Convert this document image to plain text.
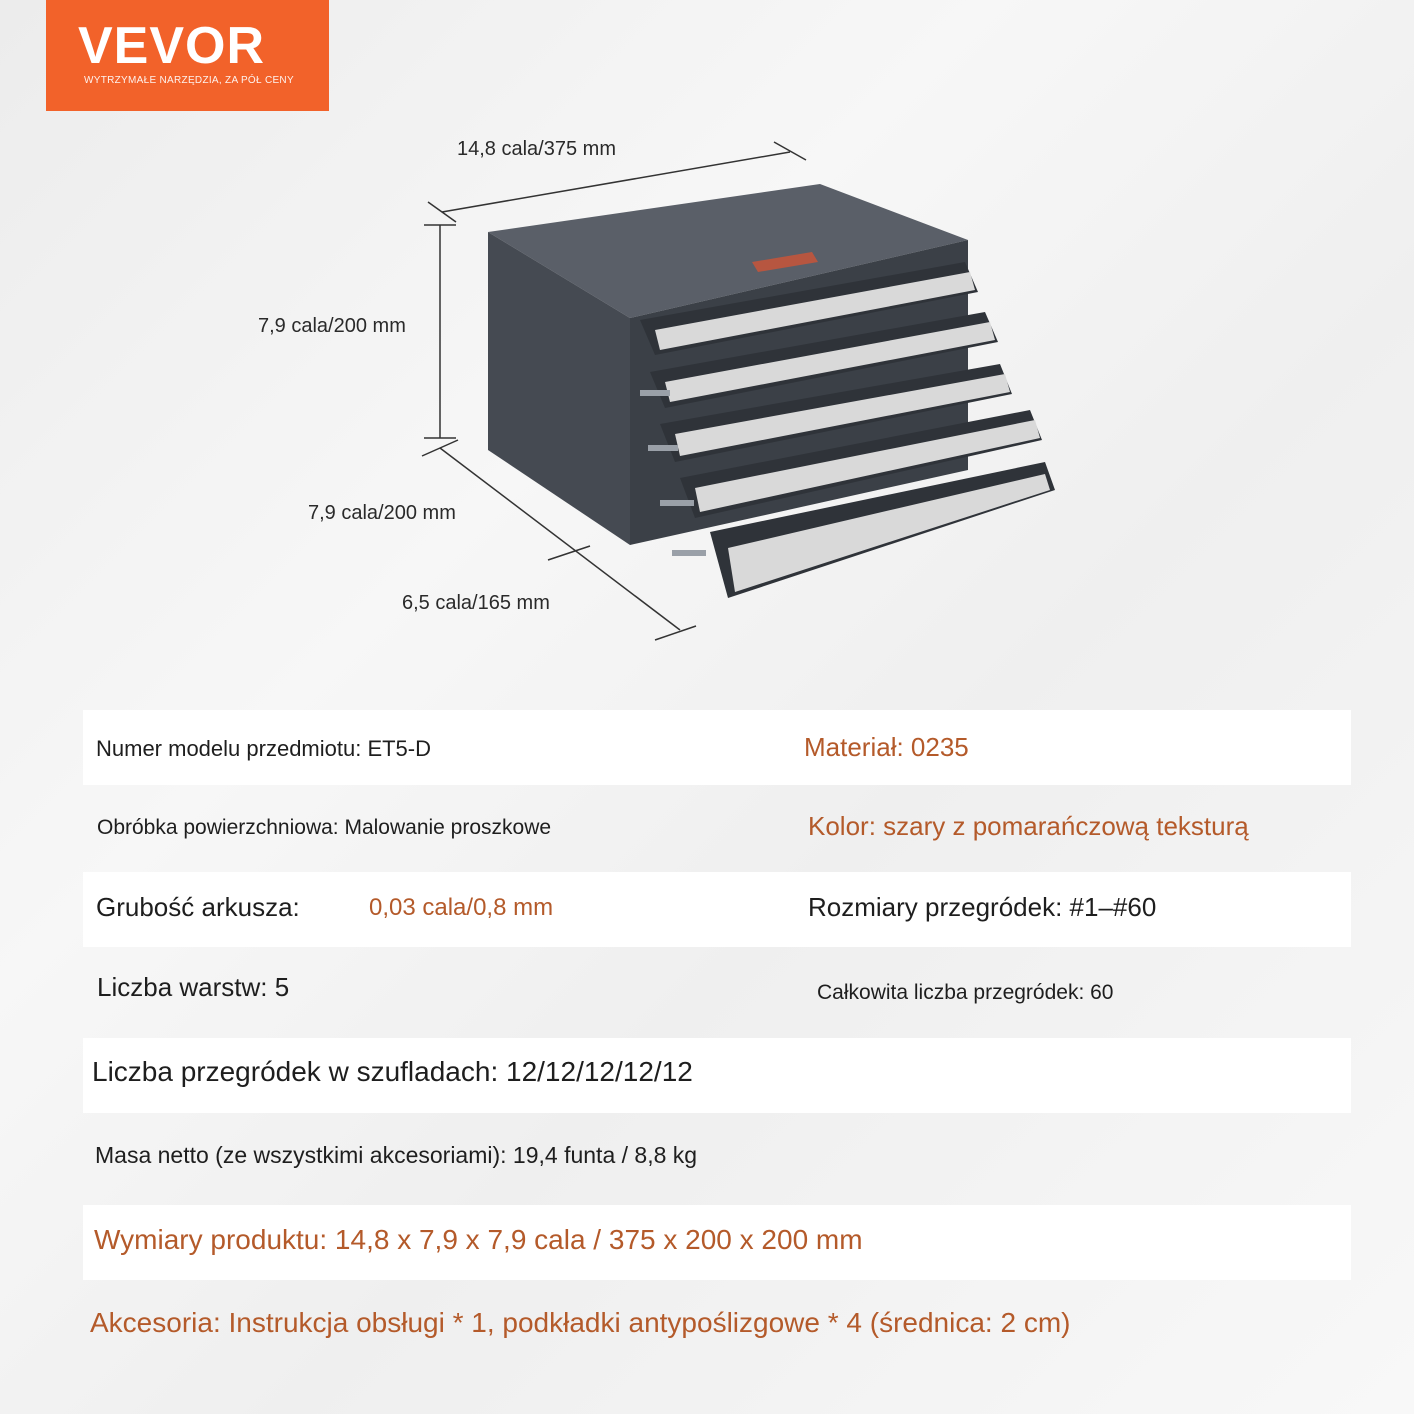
VEVOR
WYTRZYMAŁE NARZĘDZIA, ZA PÓŁ CENY
14,8 cala/375 mm
7,9 cala/200 mm
7,9 cala/200 mm
6,5 cala/165 mm
Numer modelu przedmiotu: ET5-D	Materiał: 0235
Obróbka powierzchniowa: Malowanie proszkowe	Kolor: szary z pomarańczową teksturą
Grubość arkusza:	0,03 cala/0,8 mm	Rozmiary przegródek: #1–#60
Liczba warstw: 5	Całkowita liczba przegródek: 60
Liczba przegródek w szufladach: 12/12/12/12/12
Masa netto (ze wszystkimi akcesoriami): 19,4 funta / 8,8 kg
Wymiary produktu: 14,8 x 7,9 x 7,9 cala / 375 x 200 x 200 mm
Akcesoria: Instrukcja obsługi * 1, podkładki antypoślizgowe * 4 (średnica: 2 cm)
